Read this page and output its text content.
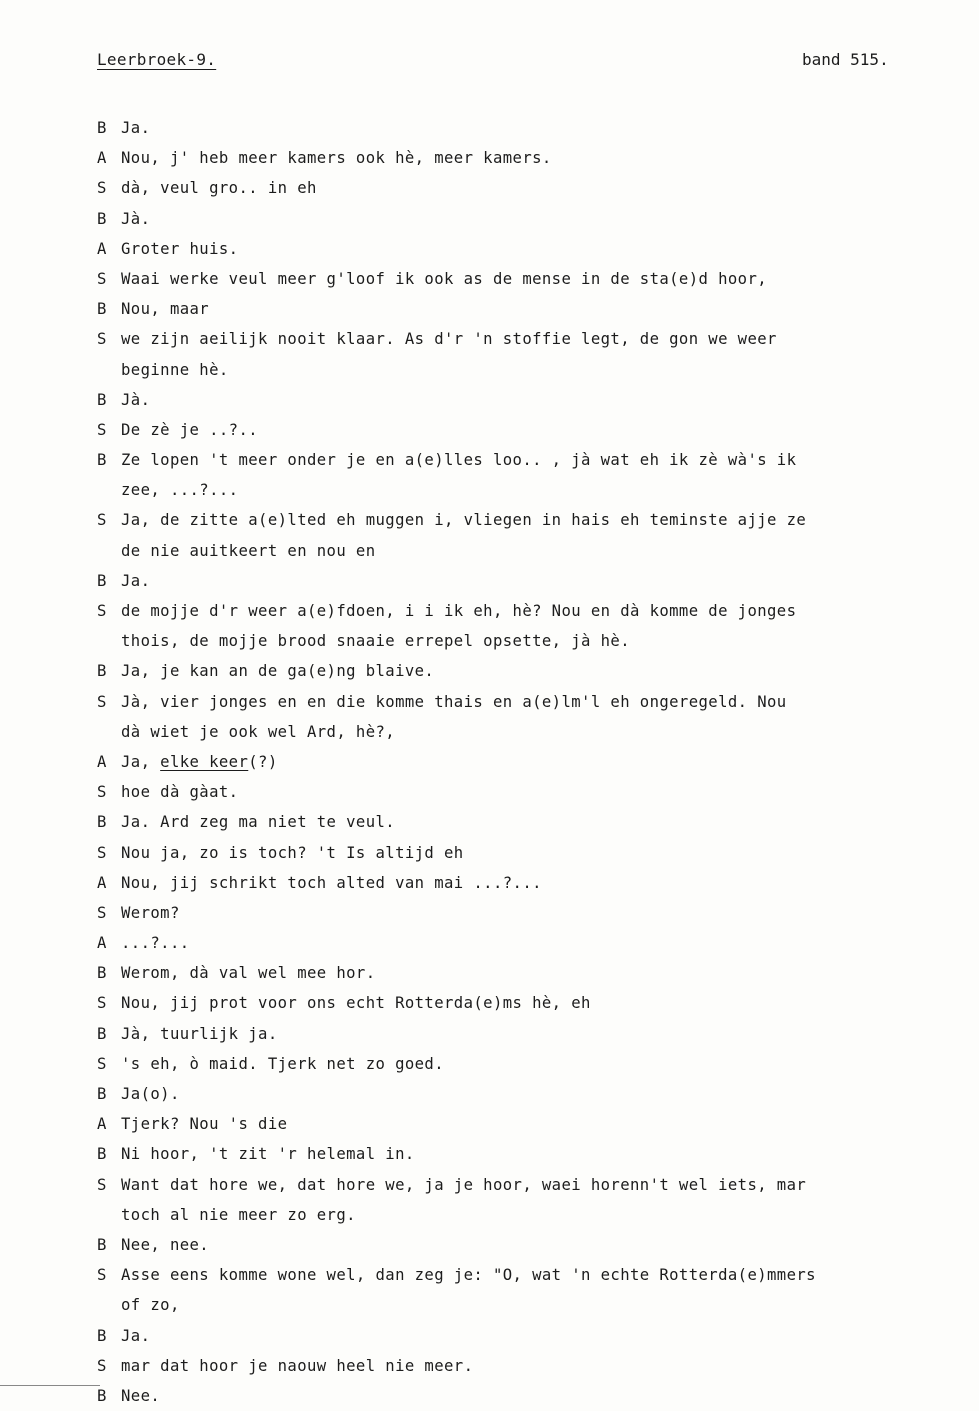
Leerbroek-9.	band 515.
B Ja.
A Nou, j' heb meer kamers ook hè, meer kamers.
S dà, veul gro.. in eh
B Jà.
A Groter huis.
S Waai werke veul meer g'loof ik ook as de mense in de sta(e)d hoor,
B Nou, maar
S we zijn aeilijk nooit klaar. As d'r 'n stoffie legt, de gon we weer
beginne hè.
B Jà.
S De zè je ..?..
B Ze lopen 't meer onder je en a(e)lles loo.. , jà wat eh ik zè wà's ik
zee, ...?...
S Ja, de zitte a(e)lted eh muggen i, vliegen in hais eh teminste ajje ze
de nie auitkeert en nou en
B Ja.
S de mojje d'r weer a(e)fdoen, i i ik eh, hè? Nou en dà komme de jonges
thois, de mojje brood snaaie errepel opsette, jà hè.
B Ja, je kan an de ga(e)ng blaive.
S Jà, vier jonges en en die komme thais en a(e)lm'l eh ongeregeld. Nou
dà wiet je ook wel Ard, hè?,
A Ja, elke keer(?)
S hoe dà gàat.
B Ja. Ard zeg ma niet te veul.
S Nou ja, zo is toch? 't Is altijd eh
A Nou, jij schrikt toch alted van mai ...?...
S Werom?
A ...?...
B Werom, dà val wel mee hor.
S Nou, jij prot voor ons echt Rotterda(e)ms hè, eh
B Jà, tuurlijk ja.
S 's eh, ò maid. Tjerk net zo goed.
B Ja(o).
A Tjerk? Nou 's die
B Ni hoor, 't zit 'r helemal in.
S Want dat hore we, dat hore we, ja je hoor, waei horenn't wel iets, mar
toch al nie meer zo erg.
B Nee, nee.
S Asse eens komme wone wel, dan zeg je: "O, wat 'n echte Rotterda(e)mmers
of zo,
B Ja.
S mar dat hoor je naouw heel nie meer.
B Nee.
